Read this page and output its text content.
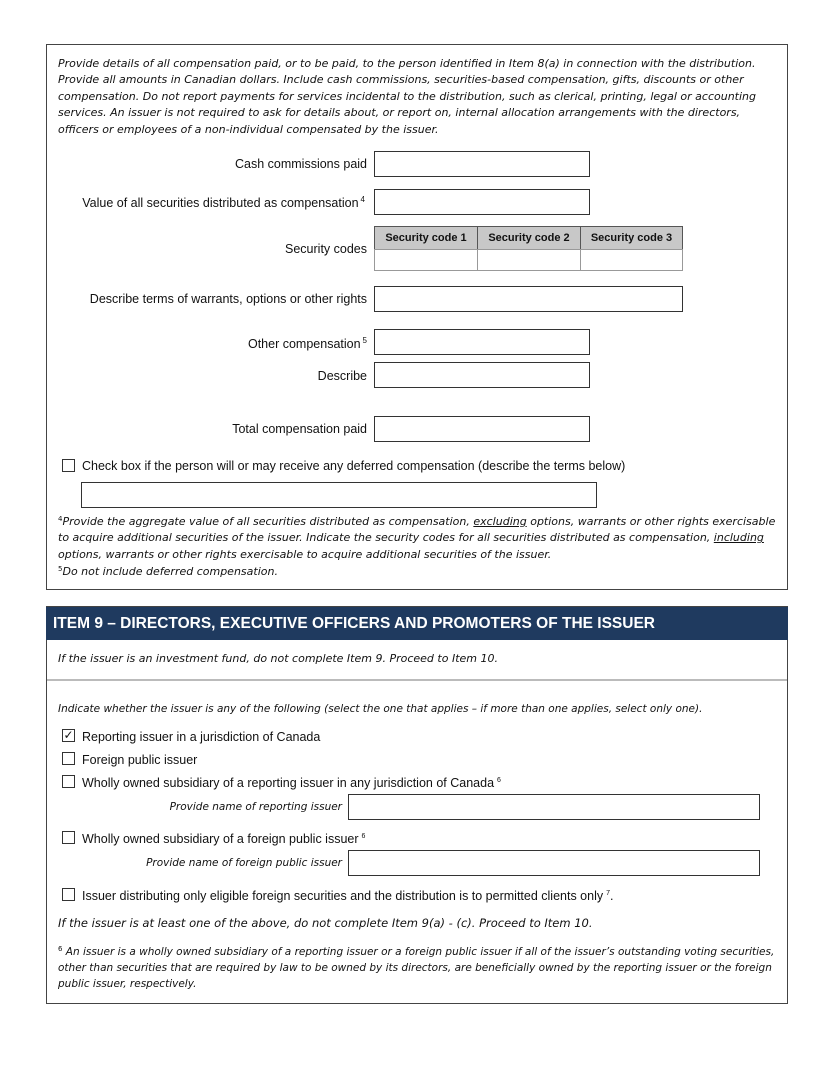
Provide details of all compensation paid, or to be paid, to the person identified in Item 8(a) in connection with the distribution. Provide all amounts in Canadian dollars. Include cash commissions, securities-based compensation, gifts, discounts or other compensation. Do not report payments for services incidental to the distribution, such as clerical, printing, legal or accounting services. An issuer is not required to ask for details about, or report on, internal allocation arrangements with the directors, officers or employees of a non-individual compensated by the issuer.
Cash commissions paid
Value of all securities distributed as compensation $^4$
Security codes
Security code 1	Security code 2	Security code 3
Describe terms of warrants, options or other rights
Other compensation $^5$
Describe
Total compensation paid
Check box if the person will or may receive any deferred compensation (describe the terms below)
$^4$Provide the aggregate value of all securities distributed as compensation, excluding options, warrants or other rights exercisable to acquire additional securities of the issuer. Indicate the security codes for all securities distributed as compensation, including options, warrants or other rights exercisable to acquire additional securities of the issuer.
$^5$Do not include deferred compensation.
ITEM 9 – DIRECTORS, EXECUTIVE OFFICERS AND PROMOTERS OF THE ISSUER
If the issuer is an investment fund, do not complete Item 9. Proceed to Item 10.
Indicate whether the issuer is any of the following (select the one that applies – if more than one applies, select only one).
✓ Reporting issuer in a jurisdiction of Canada
Foreign public issuer
Wholly owned subsidiary of a reporting issuer in any jurisdiction of Canada $^6$
Provide name of reporting issuer
Wholly owned subsidiary of a foreign public issuer $^6$
Provide name of foreign public issuer
Issuer distributing only eligible foreign securities and the distribution is to permitted clients only $^7$.
If the issuer is at least one of the above, do not complete Item 9(a) - (c). Proceed to Item 10.
$^6$ An issuer is a wholly owned subsidiary of a reporting issuer or a foreign public issuer if all of the issuer’s outstanding voting securities, other than securities that are required by law to be owned by its directors, are beneficially owned by the reporting issuer or the foreign public issuer, respectively.
